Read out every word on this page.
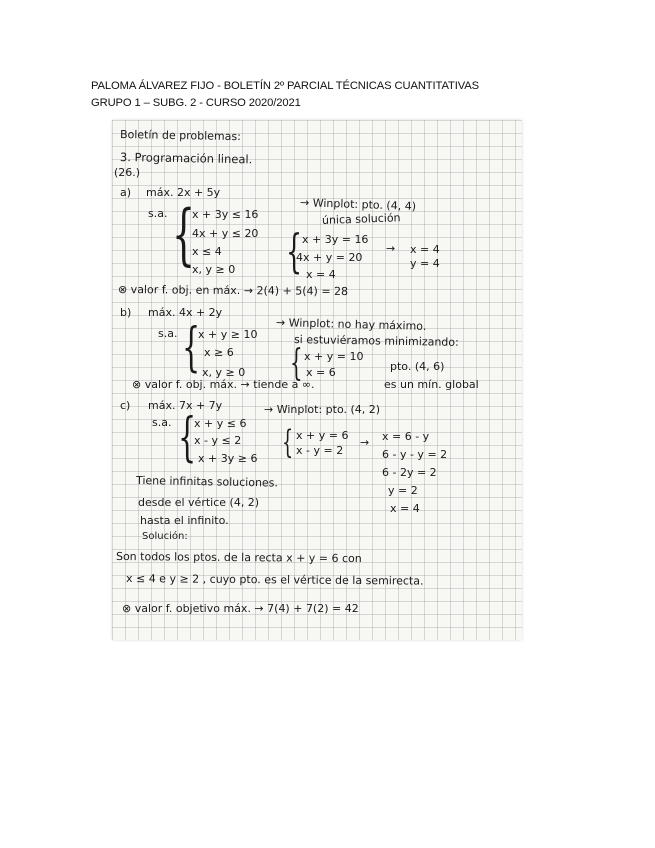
PALOMA ÁLVAREZ FIJO - BOLETÍN 2º PARCIAL TÉCNICAS CUANTITATIVAS
GRUPO 1 – SUBG. 2 - CURSO 2020/2021
Boletín de problemas:
3. Programación lineal.
(26.)
a) máx. 2x + 5y
→ Winplot: pto. (4, 4)
única solución
s.a. {
x + 3y ≤ 16
4x + y ≤ 20
x ≤ 4
x, y ≥ 0 { x + 3y = 16
4x + y = 20
x = 4
→ x = 4
y = 4
⊗ valor f. obj. en máx. → 2(4) + 5(4) = 28
b) máx. 4x + 2y
→ Winplot: no hay máximo.
si estuviéramos minimizando:
s.a. {
x + y ≥ 10
x ≥ 6
x, y ≥ 0 { x + y = 10
x = 6	pto. (4, 6)
es un mín. global
⊗ valor f. obj. máx. → tiende a ∞.
c) máx. 7x + 7y	→ Winplot: pto. (4, 2)
s.a. {
x + y ≤ 6
x - y ≤ 2
x + 3y ≥ 6 { x + y = 6
x - y = 2
→ x = 6 - y
6 - y - y = 2
6 - 2y = 2
y = 2
x = 4
Tiene infinitas soluciones.
desde el vértice (4, 2)
hasta el infinito.
Solución:
Son todos los ptos. de la recta x + y = 6 con
x ≤ 4 e y ≥ 2 , cuyo pto. es el vértice de la semirecta.
⊗ valor f. objetivo máx. → 7(4) + 7(2) = 42
